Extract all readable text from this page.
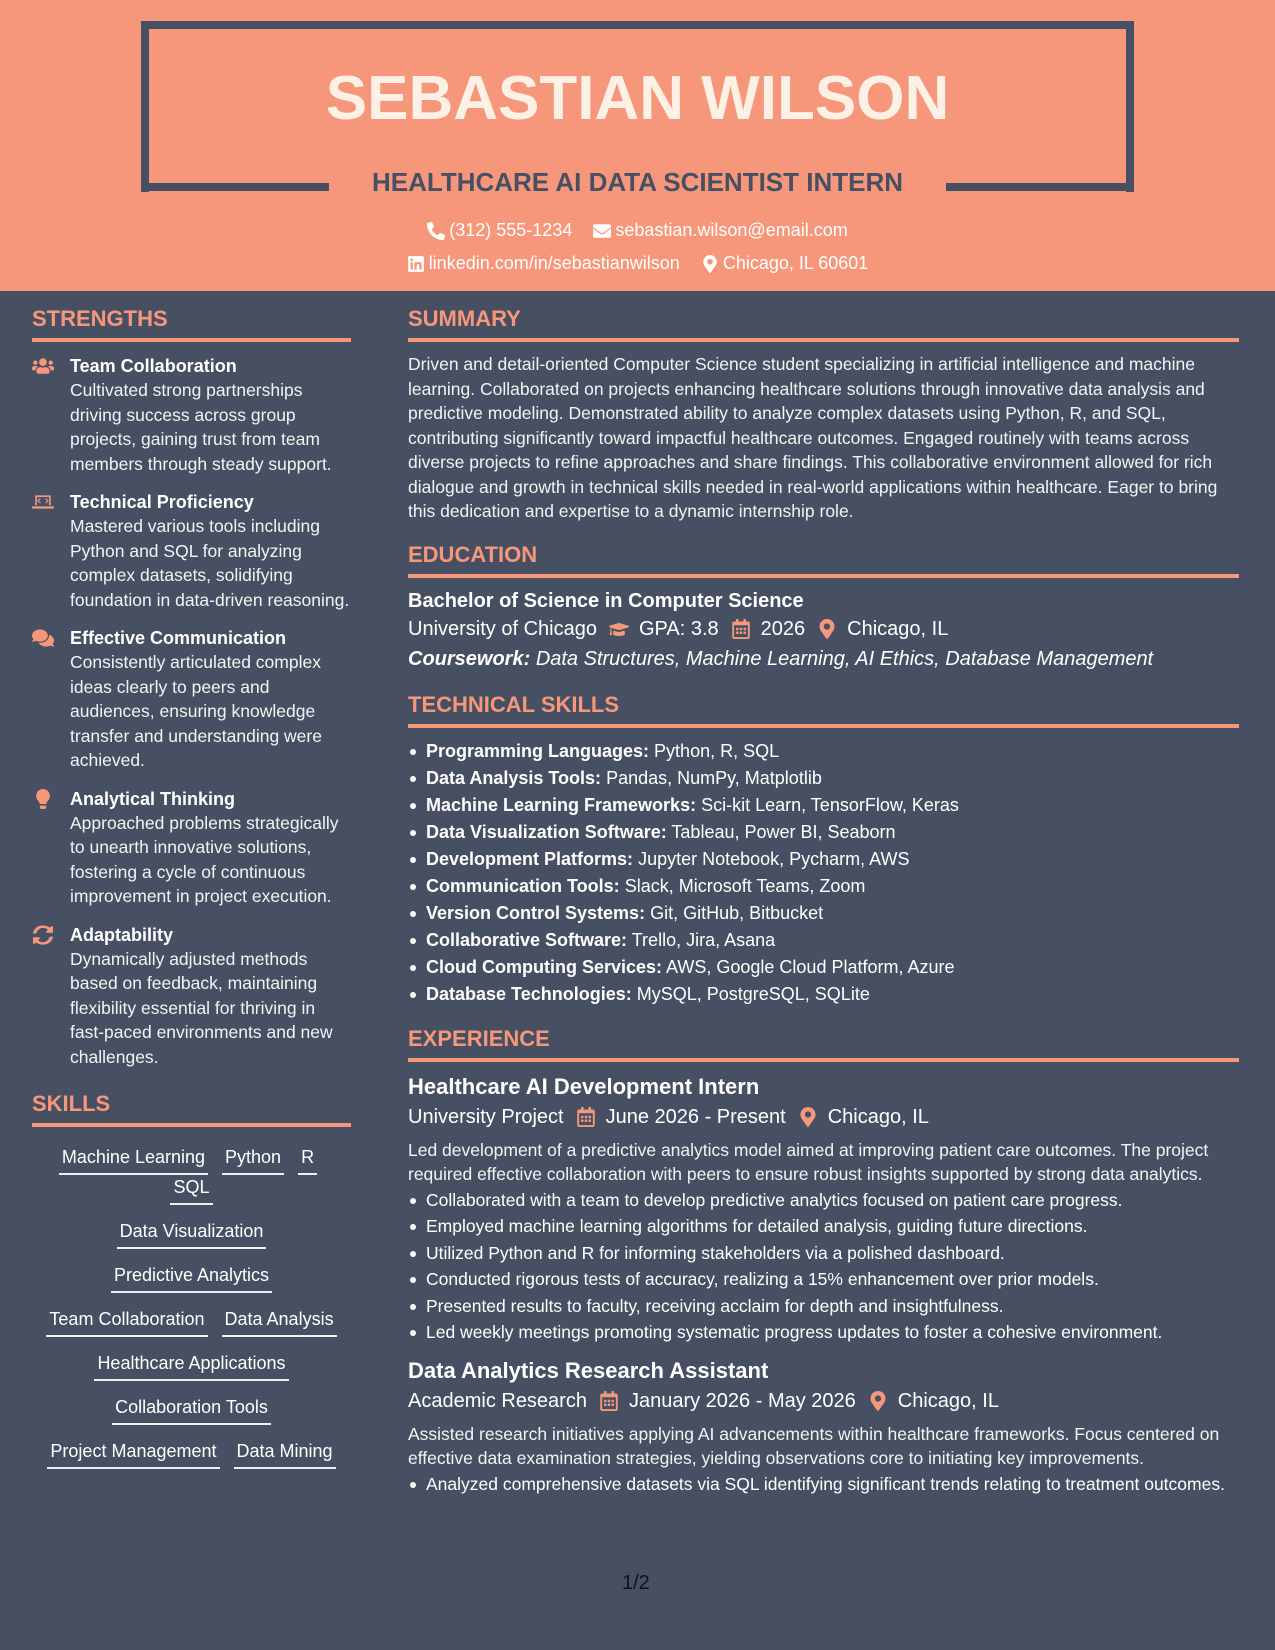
SEBASTIAN WILSON
HEALTHCARE AI DATA SCIENTIST INTERN
(312) 555-1234
sebastian.wilson@email.com
linkedin.com/in/sebastianwilson
Chicago, IL 60601
STRENGTHS
Team Collaboration
Cultivated strong partnerships driving success across group projects, gaining trust from team members through steady support.
Technical Proficiency
Mastered various tools including Python and SQL for analyzing complex datasets, solidifying foundation in data-driven reasoning.
Effective Communication
Consistently articulated complex ideas clearly to peers and audiences, ensuring knowledge transfer and understanding were achieved.
Analytical Thinking
Approached problems strategically to unearth innovative solutions, fostering a cycle of continuous improvement in project execution.
Adaptability
Dynamically adjusted methods based on feedback, maintaining flexibility essential for thriving in fast-paced environments and new challenges.
SKILLS
Machine Learning Python RSQL
Data Visualization
Predictive Analytics
Team Collaboration Data Analysis
Healthcare Applications
Collaboration Tools
Project Management Data Mining
SUMMARY
Driven and detail-oriented Computer Science student specializing in artificial intelligence and machine learning. Collaborated on projects enhancing healthcare solutions through innovative data analysis and predictive modeling. Demonstrated ability to analyze complex datasets using Python, R, and SQL, contributing significantly toward impactful healthcare outcomes. Engaged routinely with teams across diverse projects to refine approaches and share findings. This collaborative environment allowed for rich dialogue and growth in technical skills needed in real-world applications within healthcare. Eager to bring this dedication and expertise to a dynamic internship role.
EDUCATION
Bachelor of Science in Computer Science
University of Chicago GPA: 3.8 2026 Chicago, IL
Coursework: Data Structures, Machine Learning, AI Ethics, Database Management
TECHNICAL SKILLS
Programming Languages: Python, R, SQL
Data Analysis Tools: Pandas, NumPy, Matplotlib
Machine Learning Frameworks: Sci-kit Learn, TensorFlow, Keras
Data Visualization Software: Tableau, Power BI, Seaborn
Development Platforms: Jupyter Notebook, Pycharm, AWS
Communication Tools: Slack, Microsoft Teams, Zoom
Version Control Systems: Git, GitHub, Bitbucket
Collaborative Software: Trello, Jira, Asana
Cloud Computing Services: AWS, Google Cloud Platform, Azure
Database Technologies: MySQL, PostgreSQL, SQLite
EXPERIENCE
Healthcare AI Development Intern
University Project June 2026 - Present Chicago, IL
Led development of a predictive analytics model aimed at improving patient care outcomes. The project required effective collaboration with peers to ensure robust insights supported by strong data analytics.
Collaborated with a team to develop predictive analytics focused on patient care progress.
Employed machine learning algorithms for detailed analysis, guiding future directions.
Utilized Python and R for informing stakeholders via a polished dashboard.
Conducted rigorous tests of accuracy, realizing a 15% enhancement over prior models.
Presented results to faculty, receiving acclaim for depth and insightfulness.
Led weekly meetings promoting systematic progress updates to foster a cohesive environment.
Data Analytics Research Assistant
Academic Research January 2026 - May 2026 Chicago, IL
Assisted research initiatives applying AI advancements within healthcare frameworks. Focus centered on effective data examination strategies, yielding observations core to initiating key improvements.
Analyzed comprehensive datasets via SQL identifying significant trends relating to treatment outcomes.
1/2
